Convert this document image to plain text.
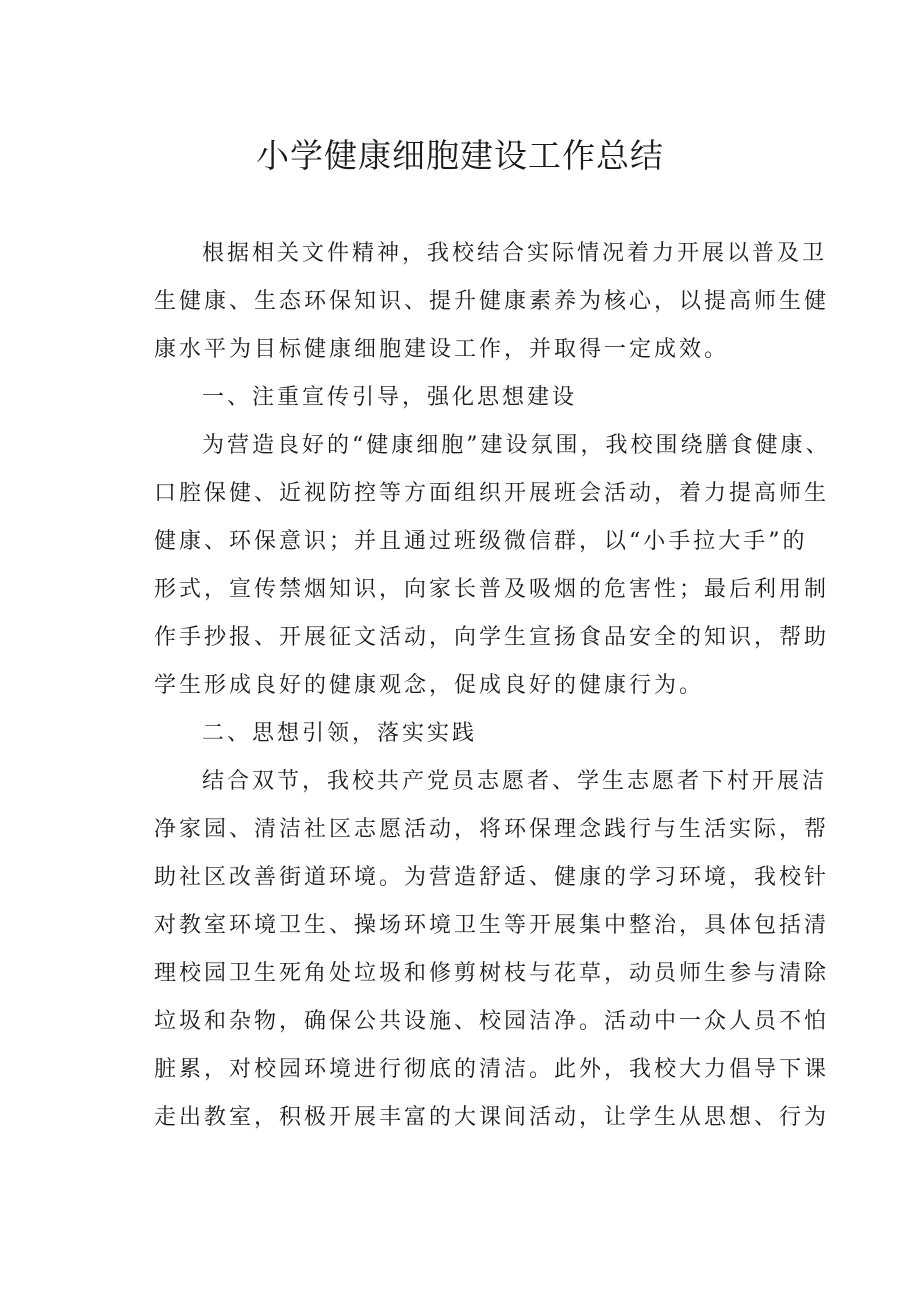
小学健康细胞建设工作总结
根据相关文件精神，我校结合实际情况着力开展以普及卫
生健康、生态环保知识、提升健康素养为核心，以提高师生健
康水平为目标健康细胞建设工作，并取得一定成效。
一、注重宣传引导，强化思想建设
为营造良好的“健康细胞”建设氛围，我校围绕膳食健康、
口腔保健、近视防控等方面组织开展班会活动，着力提高师生
健康、环保意识；并且通过班级微信群，以“小手拉大手”的
形式，宣传禁烟知识，向家长普及吸烟的危害性；最后利用制
作手抄报、开展征文活动，向学生宣扬食品安全的知识，帮助
学生形成良好的健康观念，促成良好的健康行为。
二、思想引领，落实实践
结合双节，我校共产党员志愿者、学生志愿者下村开展洁
净家园、清洁社区志愿活动，将环保理念践行与生活实际，帮
助社区改善街道环境。为营造舒适、健康的学习环境，我校针
对教室环境卫生、操场环境卫生等开展集中整治，具体包括清
理校园卫生死角处垃圾和修剪树枝与花草，动员师生参与清除
垃圾和杂物，确保公共设施、校园洁净。活动中一众人员不怕
脏累，对校园环境进行彻底的清洁。此外，我校大力倡导下课
走出教室，积极开展丰富的大课间活动，让学生从思想、行为
